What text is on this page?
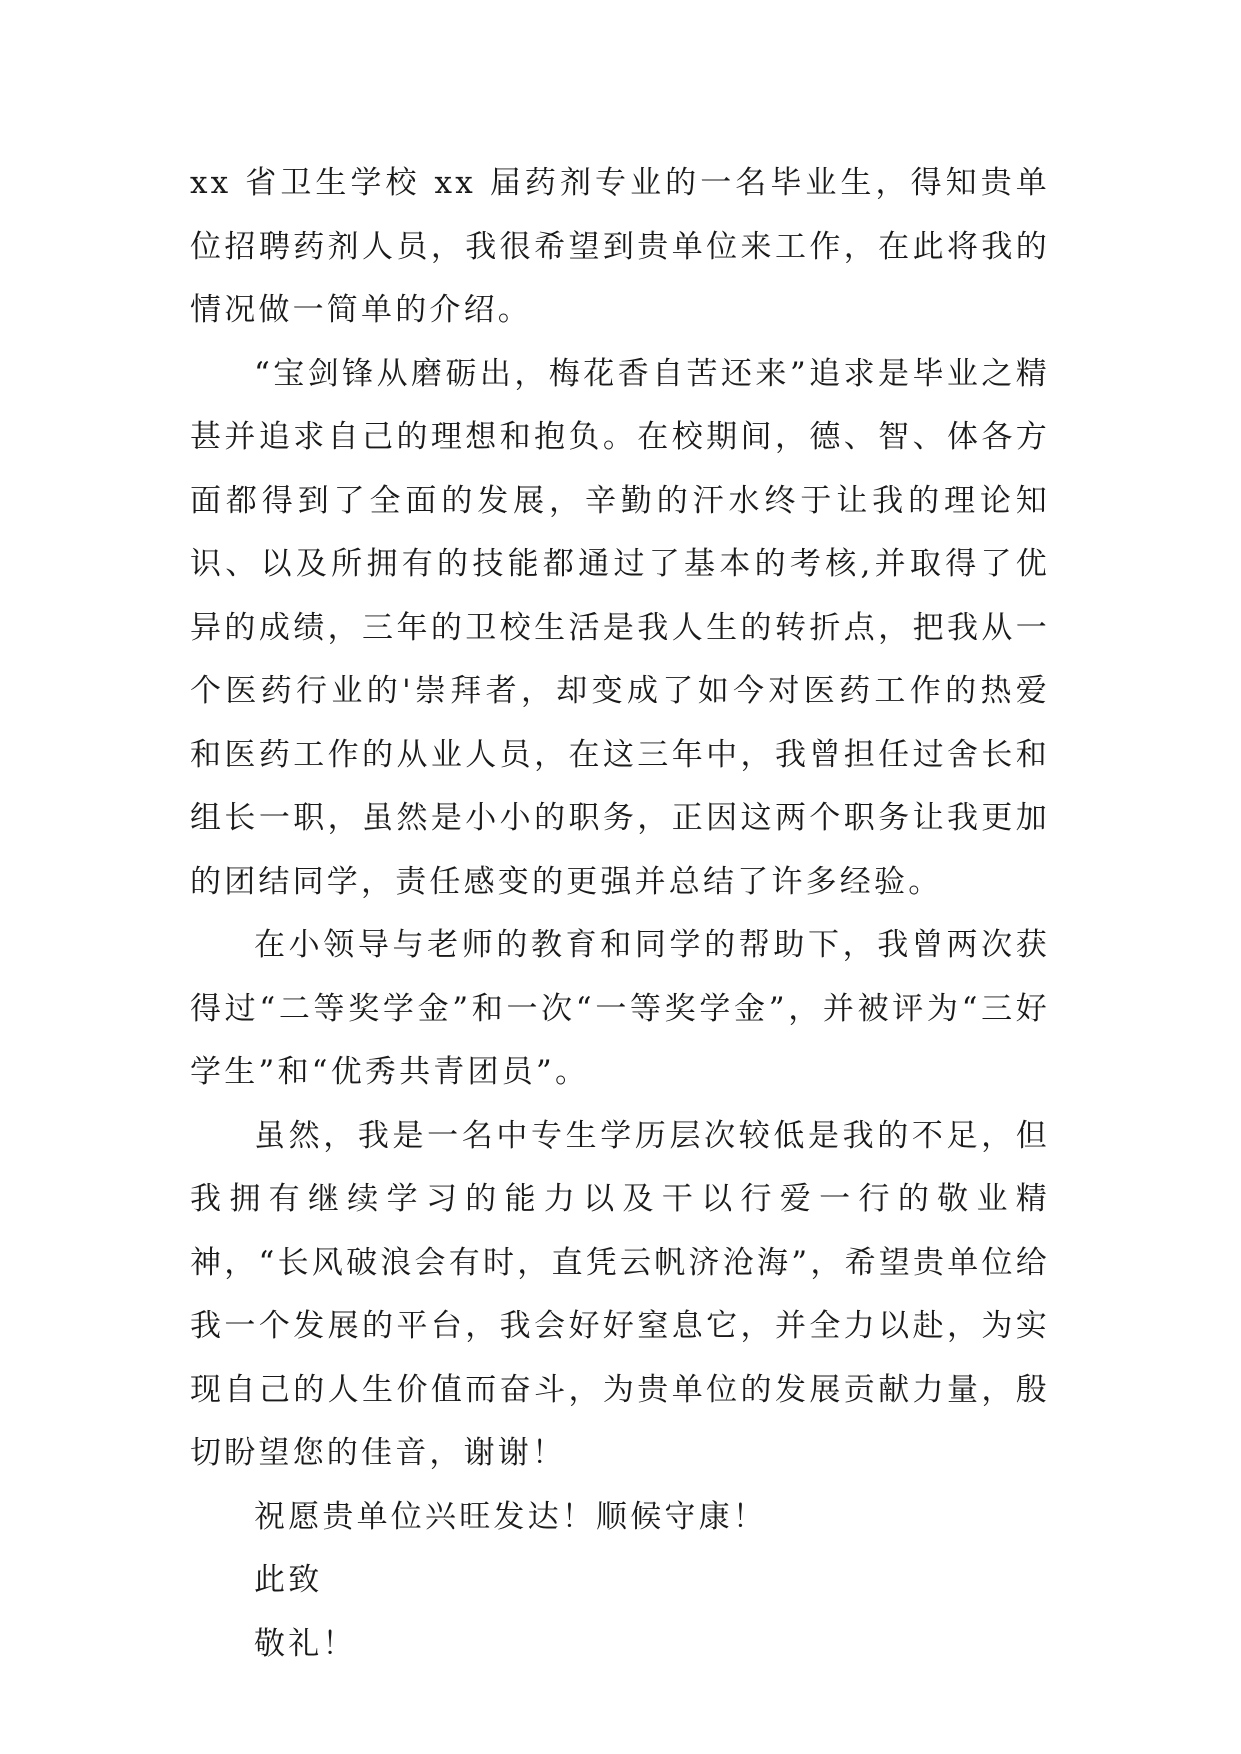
xx 省卫生学校 xx 届药剂专业的一名毕业生，得知贵单位招聘药剂人员，我很希望到贵单位来工作，在此将我的情况做一简单的介绍。

“宝剑锋从磨砺出，梅花香自苦还来”追求是毕业之精甚并追求自己的理想和抱负。在校期间，德、智、体各方面都得到了全面的发展，辛勤的汗水终于让我的理论知识、以及所拥有的技能都通过了基本的考核,并取得了优异的成绩，三年的卫校生活是我人生的转折点，把我从一个医药行业的'崇拜者，却变成了如今对医药工作的热爱和医药工作的从业人员，在这三年中，我曾担任过舍长和组长一职，虽然是小小的职务，正因这两个职务让我更加的团结同学，责任感变的更强并总结了许多经验。

在小领导与老师的教育和同学的帮助下，我曾两次获得过“二等奖学金”和一次“一等奖学金”，并被评为“三好学生”和“优秀共青团员”。

虽然，我是一名中专生学历层次较低是我的不足，但我拥有继续学习的能力以及干以行爱一行的敬业精神，“长风破浪会有时，直凭云帆济沧海”，希望贵单位给我一个发展的平台，我会好好窒息它，并全力以赴，为实现自己的人生价值而奋斗，为贵单位的发展贡献力量，殷切盼望您的佳音，谢谢！

祝愿贵单位兴旺发达！顺候守康！

此致

敬礼！
